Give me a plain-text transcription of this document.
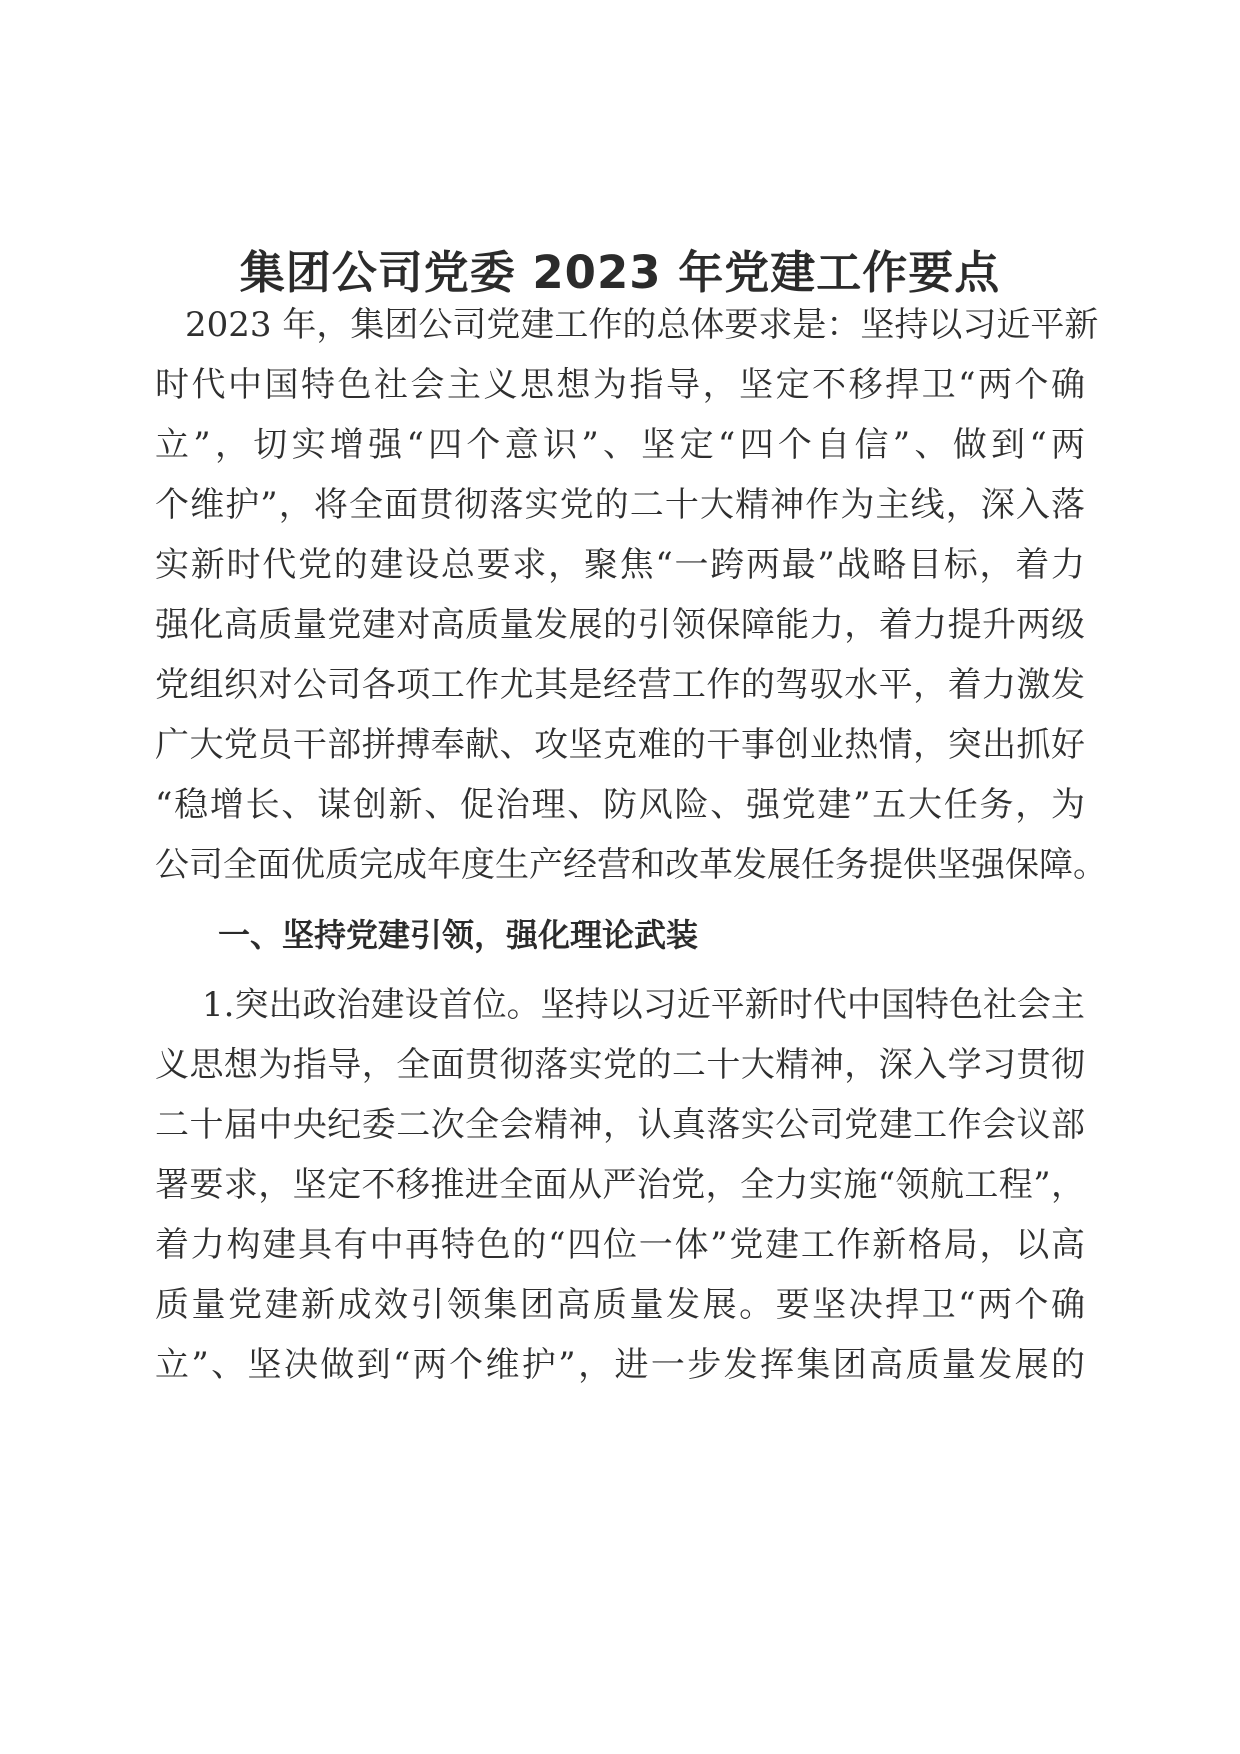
集团公司党委 2023 年党建工作要点
2023 年，集团公司党建工作的总体要求是：坚持以习近平新
时代中国特色社会主义思想为指导，坚定不移捍卫“两个确
立”，切实增强“四个意识”、坚定“四个自信”、做到“两
个维护”，将全面贯彻落实党的二十大精神作为主线，深入落
实新时代党的建设总要求，聚焦“一跨两最”战略目标，着力
强化高质量党建对高质量发展的引领保障能力，着力提升两级
党组织对公司各项工作尤其是经营工作的驾驭水平，着力激发
广大党员干部拼搏奉献、攻坚克难的干事创业热情，突出抓好
“稳增长、谋创新、促治理、防风险、强党建”五大任务，为
公司全面优质完成年度生产经营和改革发展任务提供坚强保障。
一、坚持党建引领，强化理论武装
1.突出政治建设首位。坚持以习近平新时代中国特色社会主
义思想为指导，全面贯彻落实党的二十大精神，深入学习贯彻
二十届中央纪委二次全会精神，认真落实公司党建工作会议部
署要求，坚定不移推进全面从严治党，全力实施“领航工程”，
着力构建具有中再特色的“四位一体”党建工作新格局，以高
质量党建新成效引领集团高质量发展。要坚决捍卫“两个确
立”、坚决做到“两个维护”，进一步发挥集团高质量发展的
